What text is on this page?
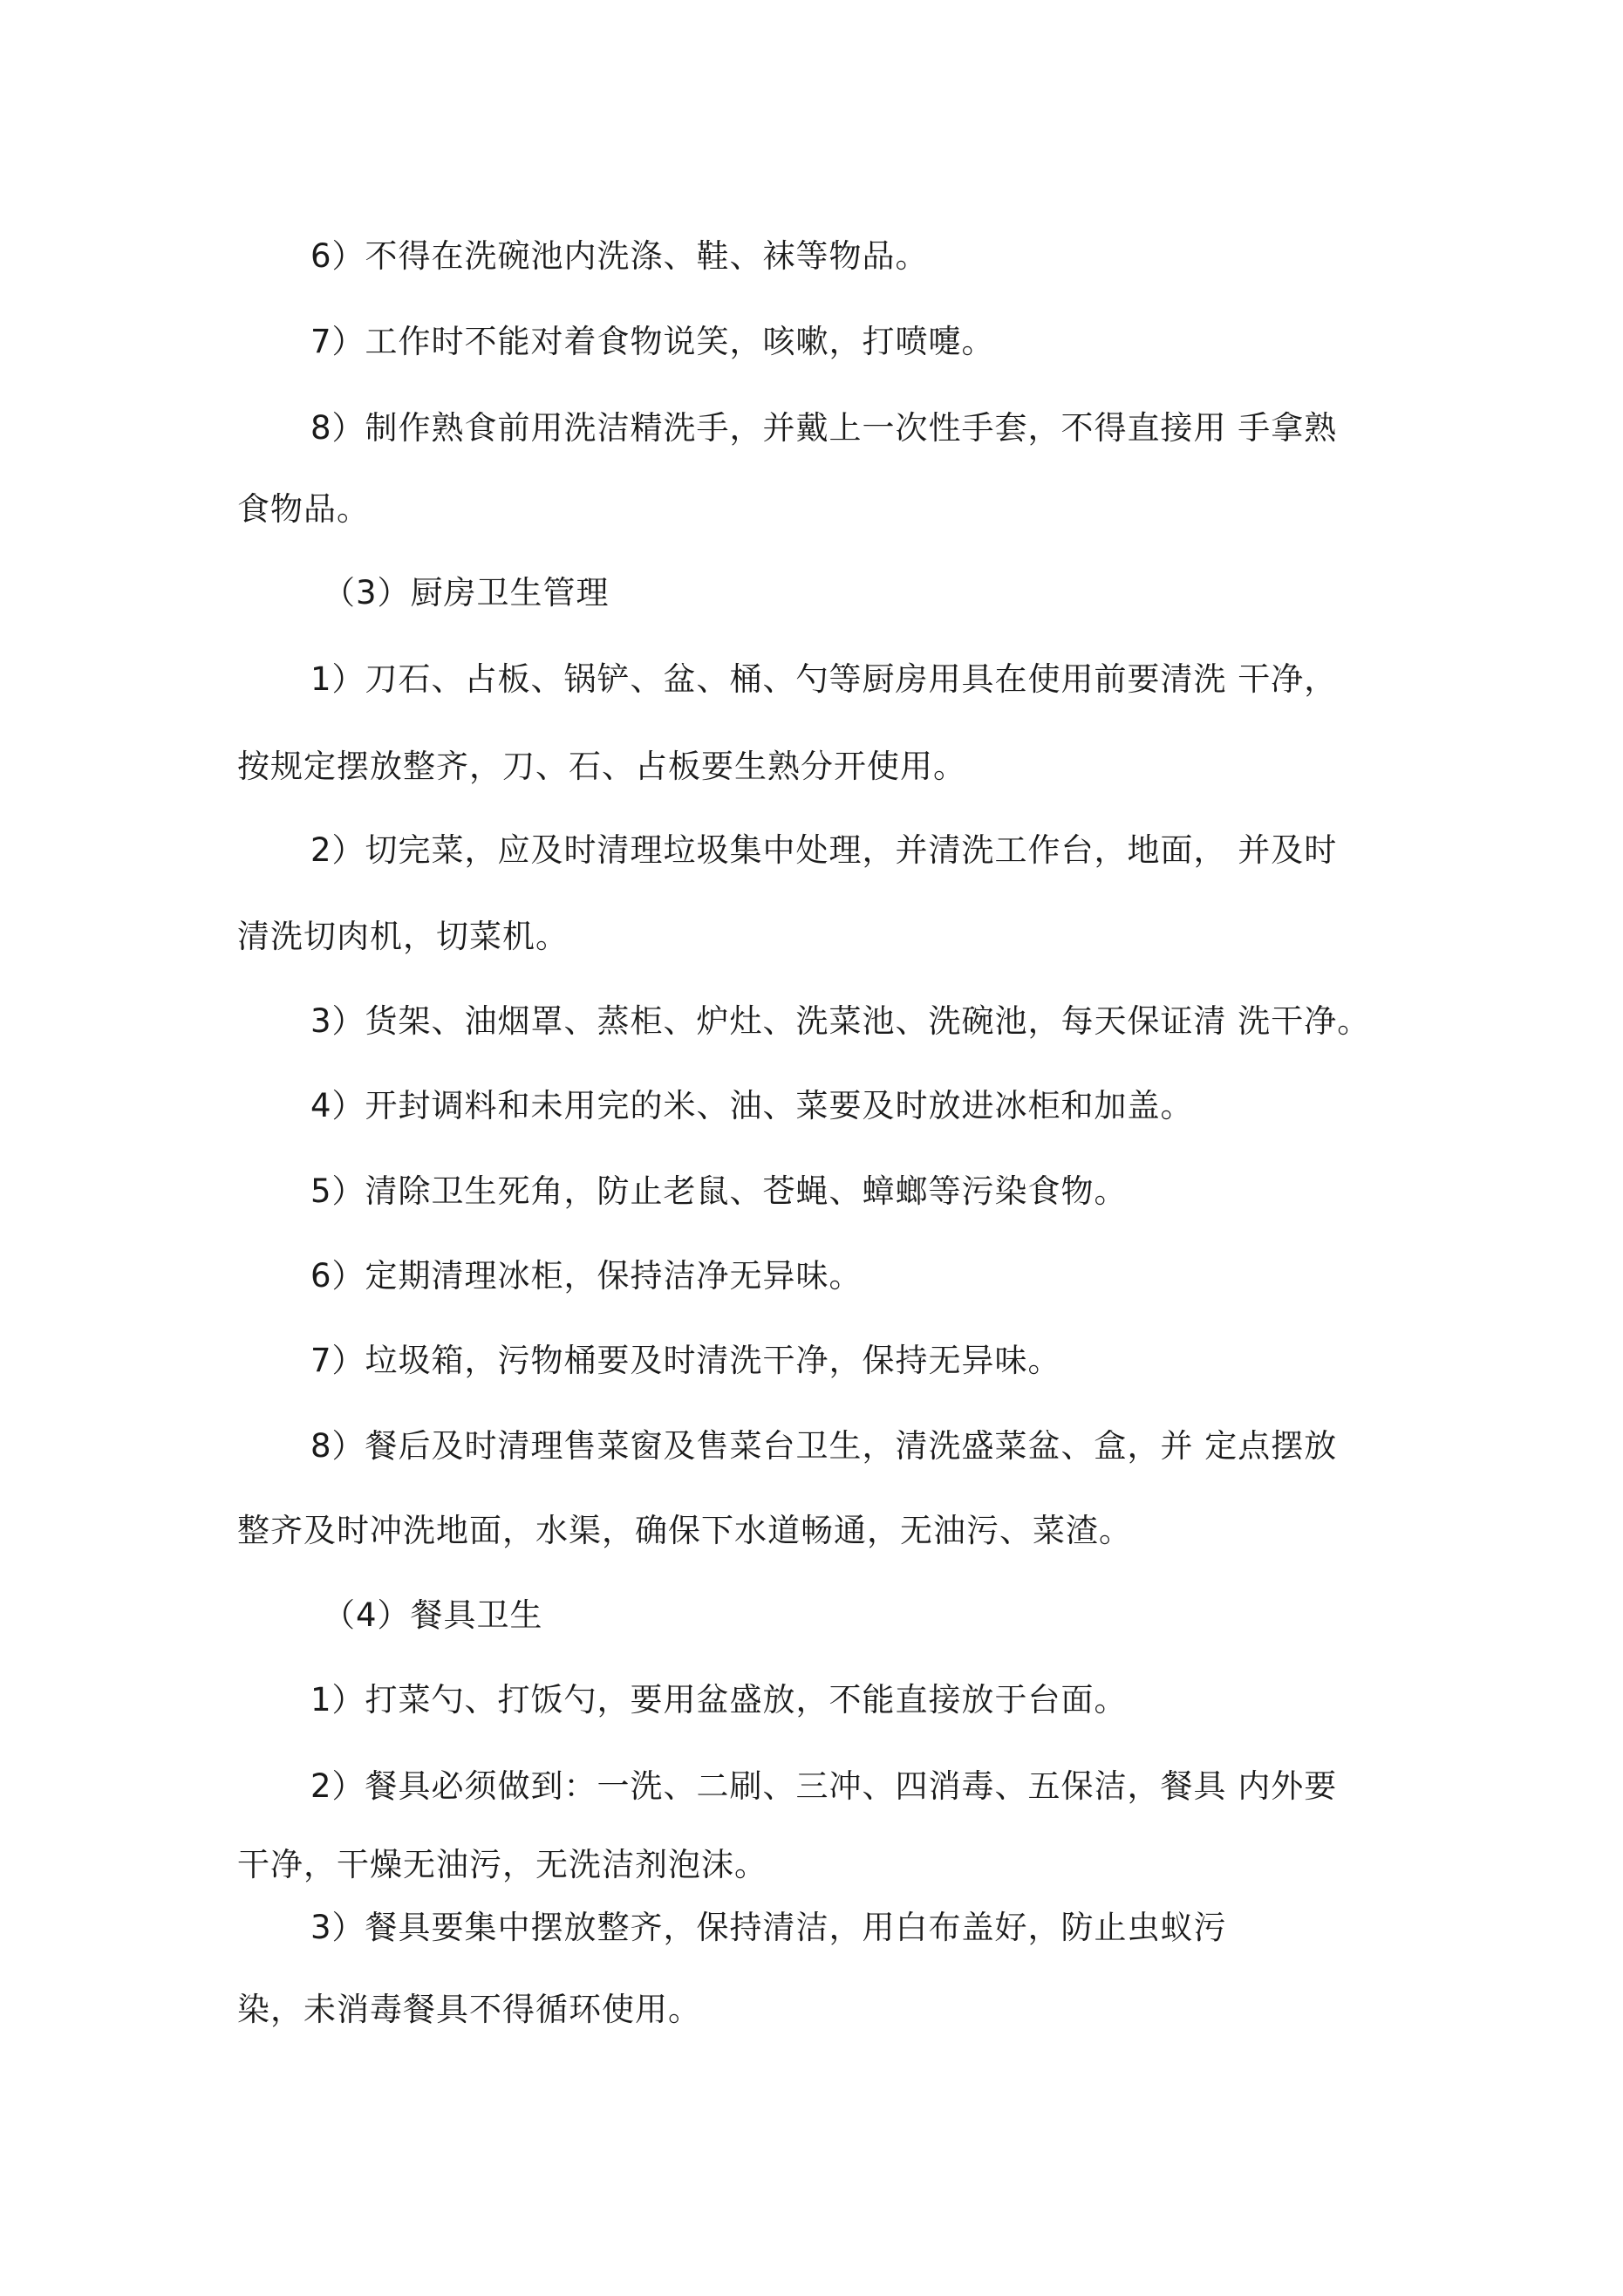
6）不得在洗碗池内洗涤、鞋、袜等物品。
7）工作时不能对着食物说笑，咳嗽，打喷嚏。
8）制作熟食前用洗洁精洗手，并戴上一次性手套，不得直接用 手拿熟
食物品。
（3）厨房卫生管理
1）刀石、占板、锅铲、盆、桶、勺等厨房用具在使用前要清洗 干净，
按规定摆放整齐，刀、石、占板要生熟分开使用。
2）切完菜，应及时清理垃圾集中处理，并清洗工作台，地面， 并及时
清洗切肉机，切菜机。
3）货架、油烟罩、蒸柜、炉灶、洗菜池、洗碗池，每天保证清 洗干净。
4）开封调料和未用完的米、油、菜要及时放进冰柜和加盖。
5）清除卫生死角，防止老鼠、苍蝇、蟑螂等污染食物。
6）定期清理冰柜，保持洁净无异味。
7）垃圾箱，污物桶要及时清洗干净，保持无异味。
8）餐后及时清理售菜窗及售菜台卫生，清洗盛菜盆、盒，并 定点摆放
整齐及时冲洗地面，水渠，确保下水道畅通，无油污、菜渣。
（4）餐具卫生
1）打菜勺、打饭勺，要用盆盛放，不能直接放于台面。
2）餐具必须做到：一洗、二刷、三冲、四消毒、五保洁，餐具 内外要
干净，干燥无油污，无洗洁剂泡沫。
3）餐具要集中摆放整齐，保持清洁，用白布盖好，防止虫蚁污
染，未消毒餐具不得循环使用。
